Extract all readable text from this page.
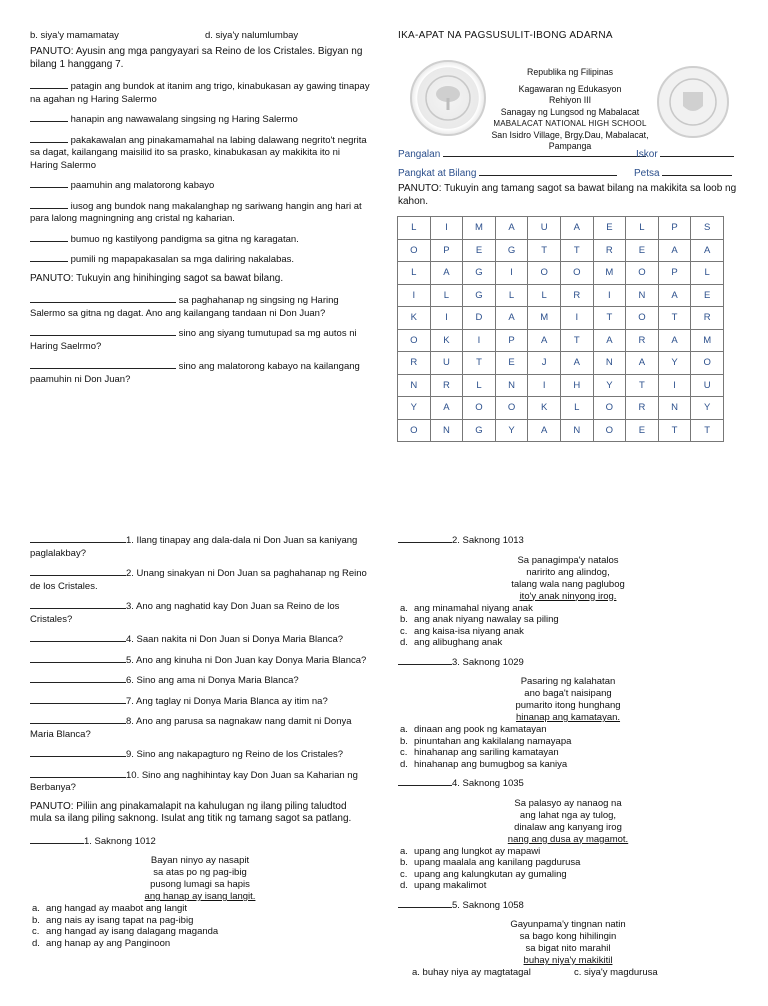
b. siya'y mamamatay	d. siya'y nalumlumbay

PANUTO: Ayusin ang mga pangyayari sa Reino de los Cristales. Bigyan ng bilang 1 hanggang 7.

patagin ang bundok at itanim ang trigo, kinabukasan ay gawing tinapay na agahan ng Haring Salermo

hanapin ang nawawalang singsing ng Haring Salermo

pakakawalan ang pinakamamahal na labing dalawang negrito't negrita sa dagat, kailangang maisilid ito sa prasko, kinabukasan ay makikita ito ni Haring Salermo

paamuhin ang malatorong kabayo

iusog ang bundok nang makalanghap ng sariwang hangin ang hari at para lalong magningning ang cristal ng kaharian.

bumuo ng kastilyong pandigma sa gitna ng karagatan.

pumili ng mapapakasalan sa mga daliring nakalabas.

PANUTO: Tukuyin ang hinihinging sagot sa bawat bilang.

sa paghahanap ng singsing ng Haring Salermo sa gitna ng dagat. Ano ang kailangang tandaan ni Don Juan?

sino ang siyang tumutupad sa mg autos ni Haring Saelrmo?

sino ang malatorong kabayo na kailangang paamuhin ni Don Juan?

IKA-APAT NA PAGSUSULIT-IBONG ADARNA
Republika ng Filipinas
Kagawaran ng Edukasyon
Rehiyon III
Sanagay ng Lungsod ng Mabalacat
MABALACAT NATIONAL HIGH SCHOOL
San Isidro Village, Brgy.Dau, Mabalacat, Pampanga
Pangalan	Iskor
Pangkat at Bilang	Petsa
PANUTO: Tukuyin ang tamang sagot sa bawat bilang na makikita sa loob ng kahon.
L	I	M	A	U	A	E	L	P	S
O	P	E	G	T	T	R	E	A	A
L	A	G	I	O	O	M	O	P	L
I	L	G	L	L	R	I	N	A	E
K	I	D	A	M	I	T	O	T	R
O	K	I	P	A	T	A	R	A	M
R	U	T	E	J	A	N	A	Y	O
N	R	L	N	I	H	Y	T	I	U
Y	A	O	O	K	L	O	R	N	Y
O	N	G	Y	A	N	O	E	T	T

1. Ilang tinapay ang dala-dala ni Don Juan sa kaniyang paglalakbay?

2. Unang sinakyan ni Don Juan sa paghahanap ng Reino de los Cristales.

3. Ano ang naghatid kay Don Juan sa Reino de los Cristales?

4. Saan nakita ni Don Juan si Donya Maria Blanca?

5. Ano ang kinuha ni Don Juan kay Donya Maria Blanca?

6. Sino ang ama ni Donya Maria Blanca?

7. Ang taglay ni Donya Maria Blanca ay itim na?

8. Ano ang parusa sa nagnakaw nang damit ni Donya Maria Blanca?

9. Sino ang nakapagturo ng Reino de los Cristales?

10. Sino ang naghihintay kay Don Juan sa Kaharian ng Berbanya?

PANUTO: Piliin ang pinakamalapit na kahulugan ng ilang piling taludtod mula sa ilang piling saknong. Isulat ang titik ng tamang sagot sa patlang.

1. Saknong 1012

Bayan ninyo ay nasapit
sa atas po ng pag-ibig
pusong lumagi sa hapis
ang hanap ay isang langit.
a. ang hangad ay maabot ang langit
b. ang nais ay isang tapat na pag-ibig
c. ang hangad ay isang dalagang maganda
d. ang hanap ay ang Panginoon

2. Saknong 1013

Sa panagimpa'y natalos
naririto ang alindog,
talang wala nang paglubog
ito'y anak ninyong irog.
a. ang minamahal niyang anak
b. ang anak niyang nawalay sa piling
c. ang kaisa-isa niyang anak
d. ang alibughang anak

3. Saknong 1029

Pasaring ng kalahatan
ano baga't naisipang
pumarito itong hunghang
hinanap ang kamatayan.
a. dinaan ang pook ng kamatayan
b. pinuntahan ang kakilalang namayapa
c. hinahanap ang sariling kamatayan
d. hinahanap ang bumugbog sa kaniya

4. Saknong 1035

Sa palasyo ay nanaog na
ang lahat nga ay tulog,
dinalaw ang kanyang irog
nang ang dusa ay magamot.
a. upang ang lungkot ay mapawi
b. upang maalala ang kanilang pagdurusa
c. upang ang kalungkutan ay gumaling
d. upang makalimot

5. Saknong 1058

Gayunpama'y tingnan natin
sa bago kong hihilingin
sa bigat nito marahil
buhay niya'y makikitil
a. buhay niya ay magtatagal	c. siya'y magdurusa
